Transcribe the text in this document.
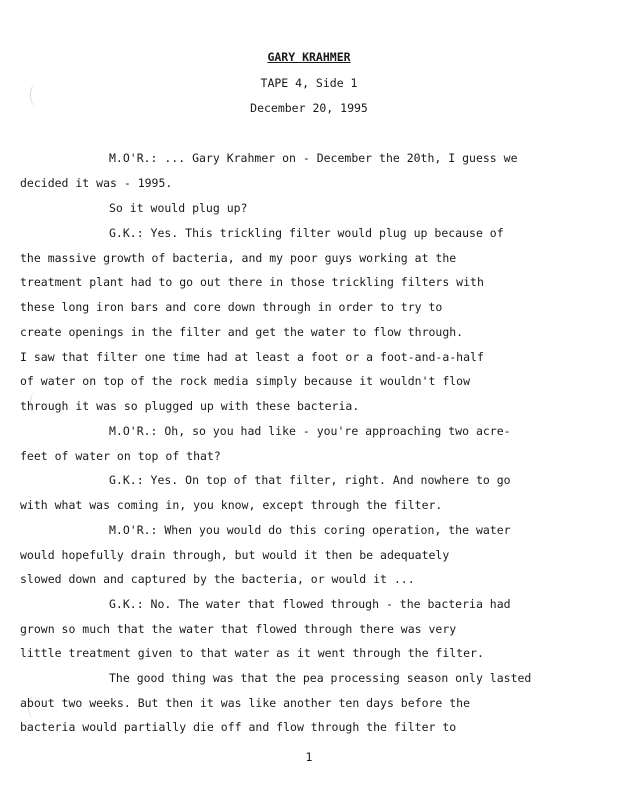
GARY KRAHMER
TAPE 4, Side 1
December 20, 1995
M.O'R.: ... Gary Krahmer on - December the 20th, I guess we
decided it was - 1995.
So it would plug up?
G.K.: Yes. This trickling filter would plug up because of
the massive growth of bacteria, and my poor guys working at the
treatment plant had to go out there in those trickling filters with
these long iron bars and core down through in order to try to
create openings in the filter and get the water to flow through.
I saw that filter one time had at least a foot or a foot-and-a-half
of water on top of the rock media simply because it wouldn't flow
through it was so plugged up with these bacteria.
M.O'R.: Oh, so you had like - you're approaching two acre-
feet of water on top of that?
G.K.: Yes. On top of that filter, right. And nowhere to go
with what was coming in, you know, except through the filter.
M.O'R.: When you would do this coring operation, the water
would hopefully drain through, but would it then be adequately
slowed down and captured by the bacteria, or would it ...
G.K.: No. The water that flowed through - the bacteria had
grown so much that the water that flowed through there was very
little treatment given to that water as it went through the filter.
The good thing was that the pea processing season only lasted
about two weeks. But then it was like another ten days before the
bacteria would partially die off and flow through the filter to
1
